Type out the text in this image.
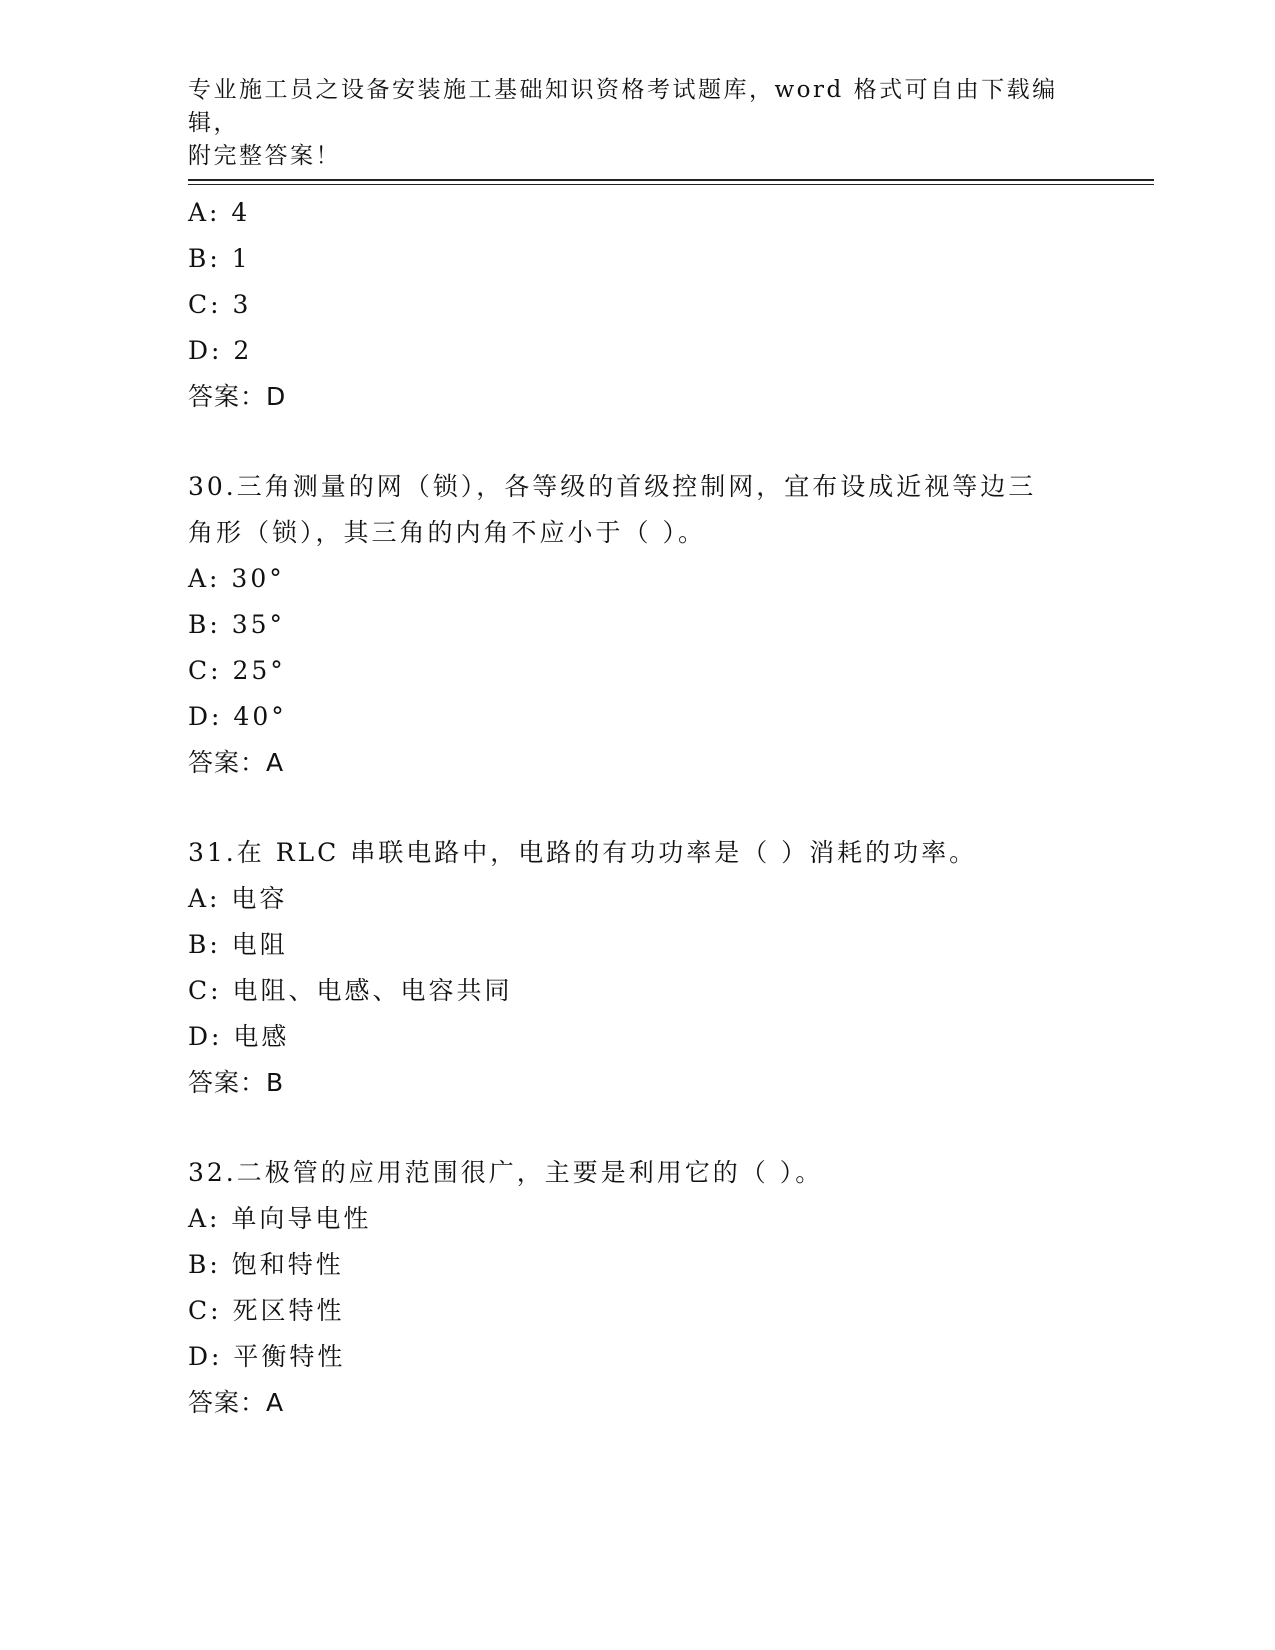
专业施工员之设备安装施工基础知识资格考试题库，word 格式可自由下载编辑，
附完整答案！
A: 4
B: 1
C: 3
D: 2
答案：D
30.三角测量的网（锁），各等级的首级控制网，宜布设成近视等边三
角形（锁），其三角的内角不应小于（ ）。
A: 30°
B: 35°
C: 25°
D: 40°
答案：A
31.在 RLC 串联电路中，电路的有功功率是（ ）消耗的功率。
A: 电容
B: 电阻
C: 电阻、电感、电容共同
D: 电感
答案：B
32.二极管的应用范围很广，主要是利用它的（ ）。
A: 单向导电性
B: 饱和特性
C: 死区特性
D: 平衡特性
答案：A
